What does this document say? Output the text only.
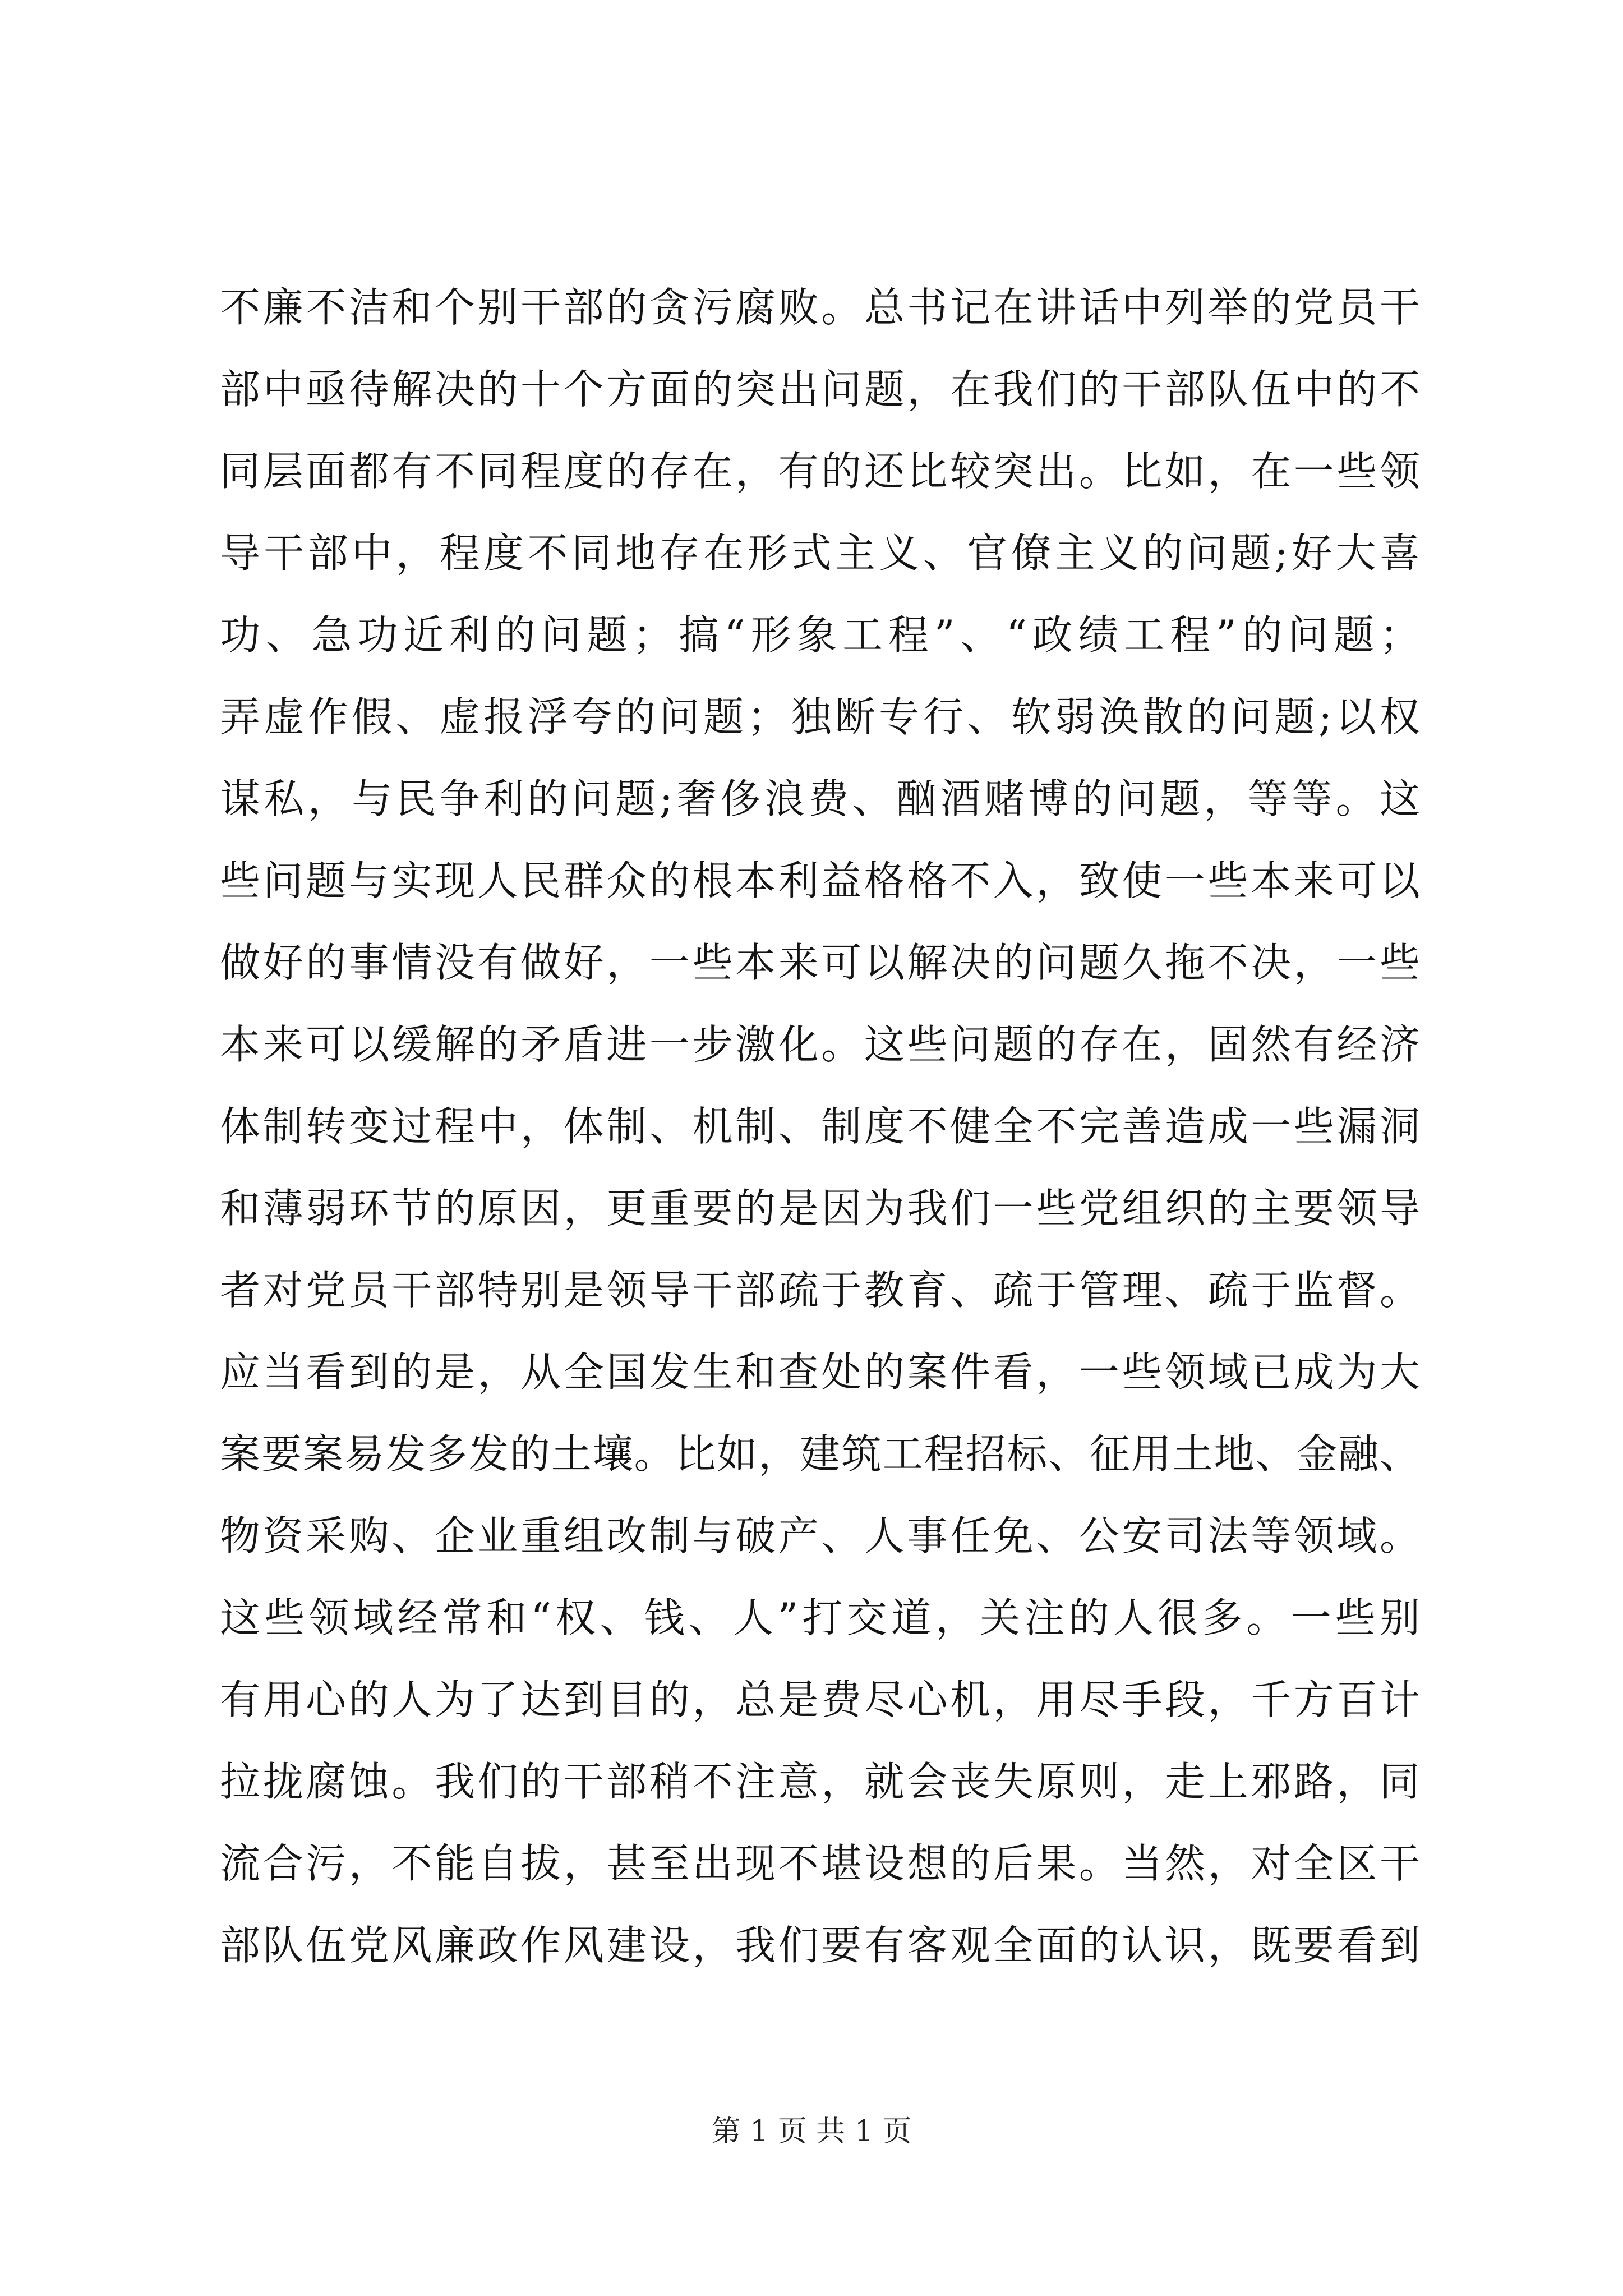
不廉不洁和个别干部的贪污腐败。总书记在讲话中列举的党员干
部中亟待解决的十个方面的突出问题，在我们的干部队伍中的不
同层面都有不同程度的存在，有的还比较突出。比如，在一些领
导干部中，程度不同地存在形式主义、官僚主义的问题;好大喜
功、急功近利的问题；搞“形象工程”、“政绩工程”的问题；
弄虚作假、虚报浮夸的问题；独断专行、软弱涣散的问题;以权
谋私，与民争利的问题;奢侈浪费、酗酒赌博的问题，等等。这
些问题与实现人民群众的根本利益格格不入，致使一些本来可以
做好的事情没有做好，一些本来可以解决的问题久拖不决，一些
本来可以缓解的矛盾进一步激化。这些问题的存在，固然有经济
体制转变过程中，体制、机制、制度不健全不完善造成一些漏洞
和薄弱环节的原因，更重要的是因为我们一些党组织的主要领导
者对党员干部特别是领导干部疏于教育、疏于管理、疏于监督。
应当看到的是，从全国发生和查处的案件看，一些领域已成为大
案要案易发多发的土壤。比如，建筑工程招标、征用土地、金融、
物资采购、企业重组改制与破产、人事任免、公安司法等领域。
这些领域经常和“权、钱、人”打交道，关注的人很多。一些别
有用心的人为了达到目的，总是费尽心机，用尽手段，千方百计
拉拢腐蚀。我们的干部稍不注意，就会丧失原则，走上邪路，同
流合污，不能自拔，甚至出现不堪设想的后果。当然，对全区干
部队伍党风廉政作风建设，我们要有客观全面的认识，既要看到
第 1 页 共 1 页
